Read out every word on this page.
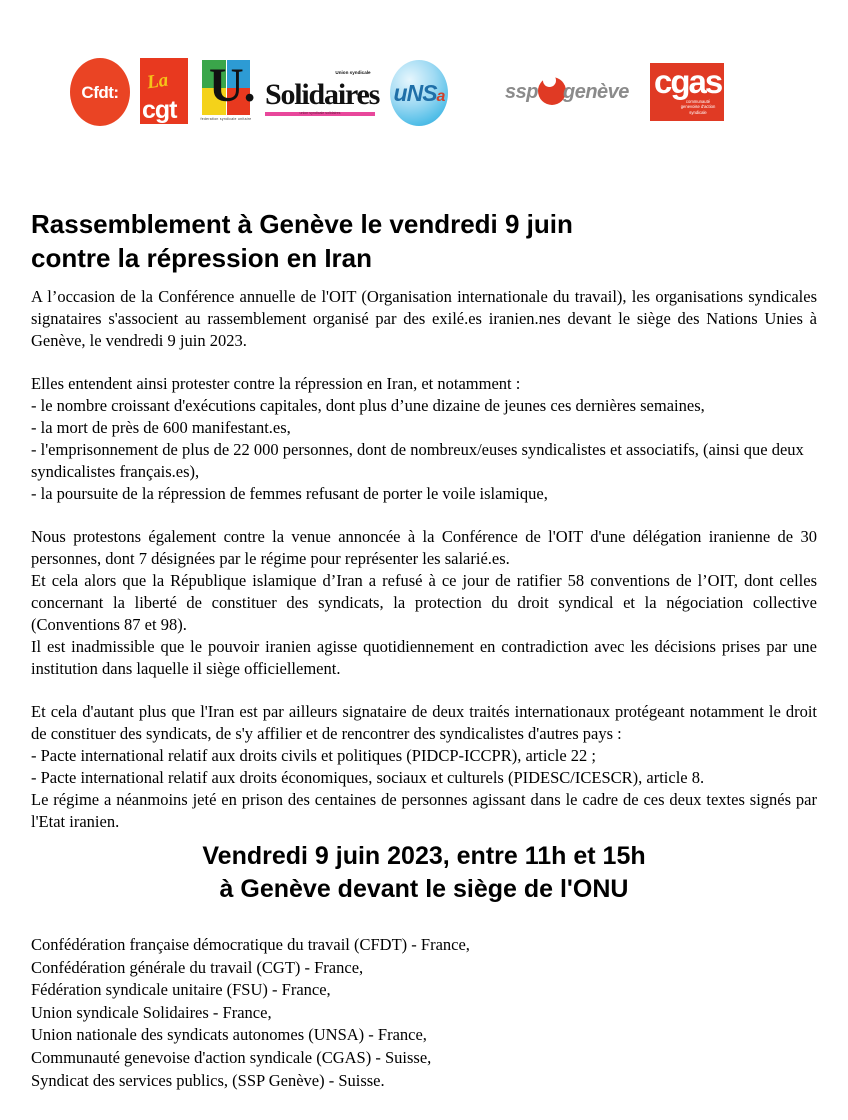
Cfdt: La
cgt U.
federation syndicale unitaire
Union syndicale
Solidaires
union syndicale solidaires
uNSa	ssp genève cgas
communauté genevoise d'action syndicale
Rassemblement à Genève le vendredi 9 juin
contre la répression en Iran

A l’occasion de la Conférence annuelle de l'OIT (Organisation internationale du travail), les organisations syndicales signataires s'associent au rassemblement organisé par des exilé.es iranien.nes devant le siège des Nations Unies à Genève, le vendredi 9 juin 2023.

Elles entendent ainsi protester contre la répression en Iran, et notamment :

- le nombre croissant d'exécutions capitales, dont plus d’une dizaine de jeunes ces dernières semaines,

- la mort de près de 600 manifestant.es,

- l'emprisonnement de plus de 22 000 personnes, dont de nombreux/euses syndicalistes et associatifs, (ainsi que deux syndicalistes français.es),

- la poursuite de la répression de femmes refusant de porter le voile islamique,

Nous protestons également contre la venue annoncée à la Conférence de l'OIT d'une délégation iranienne de 30 personnes, dont 7 désignées par le régime pour représenter les salarié.es.

Et cela alors que la République islamique d’Iran a refusé à ce jour de ratifier 58 conventions de l’OIT, dont celles concernant la liberté de constituer des syndicats, la protection du droit syndical et la négociation collective (Conventions 87 et 98).

Il est inadmissible que le pouvoir iranien agisse quotidiennement en contradiction avec les décisions prises par une institution dans laquelle il siège officiellement.

Et cela d'autant plus que l'Iran est par ailleurs signataire de deux traités internationaux protégeant notamment le droit de constituer des syndicats, de s'y affilier et de rencontrer des syndicalistes d'autres pays :

- Pacte international relatif aux droits civils et politiques (PIDCP-ICCPR), article 22 ;

- Pacte international relatif aux droits économiques, sociaux et culturels (PIDESC/ICESCR), article 8.

Le régime a néanmoins jeté en prison des centaines de personnes agissant dans le cadre de ces deux textes signés par l'Etat iranien.

Vendredi 9 juin 2023, entre 11h et 15h
à Genève devant le siège de l'ONU
Confédération française démocratique du travail (CFDT) - France,
Confédération générale du travail (CGT) - France,
Fédération syndicale unitaire (FSU) - France,
Union syndicale Solidaires - France,
Union nationale des syndicats autonomes (UNSA) - France,
Communauté genevoise d'action syndicale (CGAS) - Suisse,
Syndicat des services publics, (SSP Genève) - Suisse.
